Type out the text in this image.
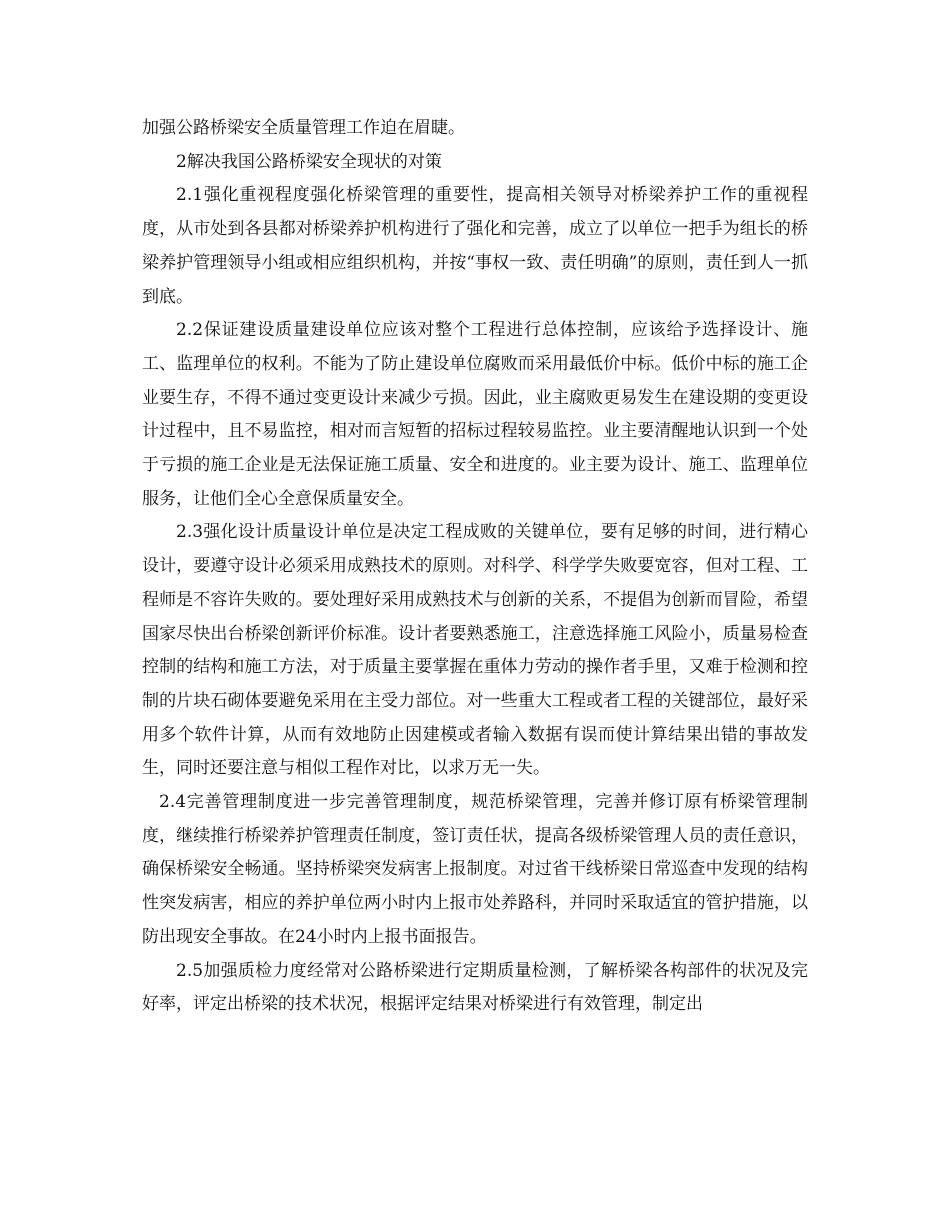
加强公路桥梁安全质量管理工作迫在眉睫。

2解决我国公路桥梁安全现状的对策

2.1强化重视程度强化桥梁管理的重要性，提高相关领导对桥梁养护工作的重视程度，从市处到各县都对桥梁养护机构进行了强化和完善，成立了以单位一把手为组长的桥梁养护管理领导小组或相应组织机构，并按“事权一致、责任明确”的原则，责任到人一抓到底。

2.2保证建设质量建设单位应该对整个工程进行总体控制，应该给予选择设计、施工、监理单位的权利。不能为了防止建设单位腐败而采用最低价中标。低价中标的施工企业要生存，不得不通过变更设计来减少亏损。因此，业主腐败更易发生在建设期的变更设计过程中，且不易监控，相对而言短暂的招标过程较易监控。业主要清醒地认识到一个处于亏损的施工企业是无法保证施工质量、安全和进度的。业主要为设计、施工、监理单位服务，让他们全心全意保质量安全。

2.3强化设计质量设计单位是决定工程成败的关键单位，要有足够的时间，进行精心设计，要遵守设计必须采用成熟技术的原则。对科学、科学学失败要宽容，但对工程、工程师是不容许失败的。要处理好采用成熟技术与创新的关系，不提倡为创新而冒险，希望国家尽快出台桥梁创新评价标准。设计者要熟悉施工，注意选择施工风险小，质量易检查控制的结构和施工方法，对于质量主要掌握在重体力劳动的操作者手里，又难于检测和控制的片块石砌体要避免采用在主受力部位。对一些重大工程或者工程的关键部位，最好采用多个软件计算，从而有效地防止因建模或者输入数据有误而使计算结果出错的事故发生，同时还要注意与相似工程作对比，以求万无一失。

2.4完善管理制度进一步完善管理制度，规范桥梁管理，完善并修订原有桥梁管理制度，继续推行桥梁养护管理责任制度，签订责任状，提高各级桥梁管理人员的责任意识，确保桥梁安全畅通。坚持桥梁突发病害上报制度。对过省干线桥梁日常巡查中发现的结构性突发病害，相应的养护单位两小时内上报市处养路科，并同时采取适宜的管护措施，以防出现安全事故。在24小时内上报书面报告。

2.5加强质检力度经常对公路桥梁进行定期质量检测，了解桥梁各构部件的状况及完好率，评定出桥梁的技术状况，根据评定结果对桥梁进行有效管理，制定出
